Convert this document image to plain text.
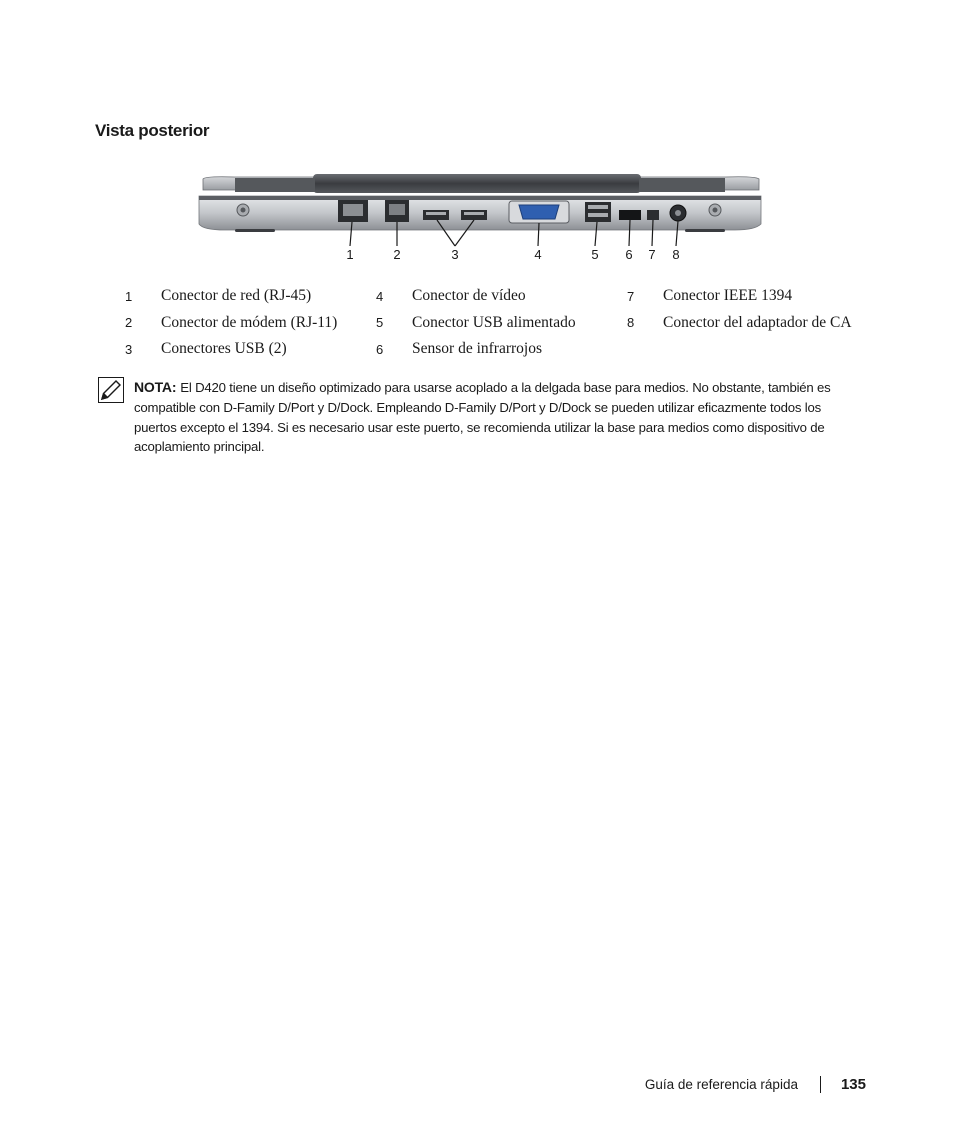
Vista posterior
1	2	3	4	5 6 7 8
1	Conector de red (RJ-45)	4	Conector de vídeo	7	Conector IEEE 1394
2	Conector de módem (RJ-11)	5	Conector USB alimentado	8	Conector del adaptador de CA
3	Conectores USB (2)	6	Sensor de infrarrojos		
NOTA: El D420 tiene un diseño optimizado para usarse acoplado a la delgada base para medios. No obstante, también es compatible con D-Family D/Port y D/Dock. Empleando D-Family D/Port y D/Dock se pueden utilizar eficazmente todos los puertos excepto el 1394. Si es necesario usar este puerto, se recomienda utilizar la base para medios como dispositivo de acoplamiento principal.
Guía de referencia rápida	135
